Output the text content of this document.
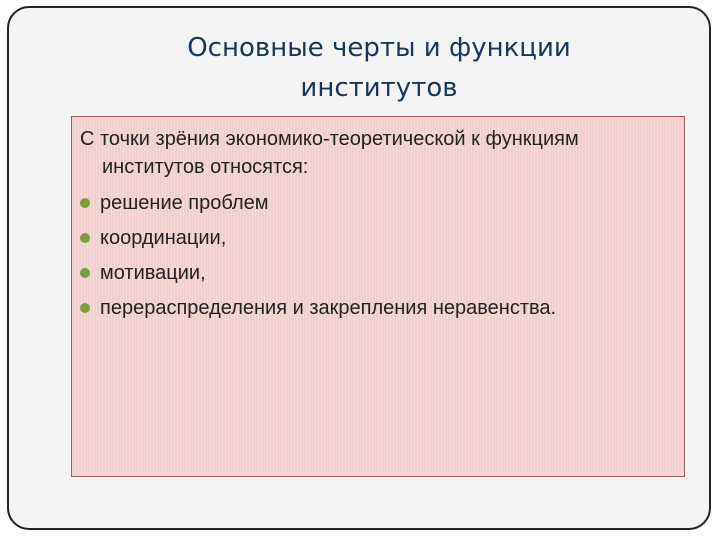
Основные черты и функции
институтов

С точки зрёния экономико-теоретической к функциям
институтов относятся:

решение проблем
координации,
мотивации,
перераспределения и закрепления неравенства.
